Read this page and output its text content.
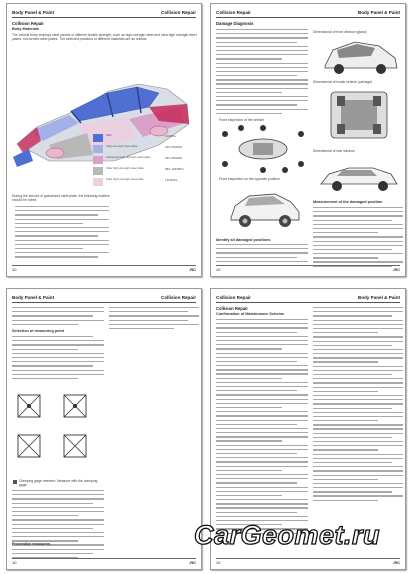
Body Panel & Paint	Collision Repair
Collision Repair
Body Materials
The vehicle body employs steel panels of different tensile strength, such as high-strength steel and ultra-high strength steel plates, hot-formed steel plates. The selected positions of different materials are as follows:
Mild	140MPa
High-strength steel plate	340~590MPa
Advanced high-strength steel plate	590~980MPa
Ultra high-strength steel plate	980~1180MPa
Ultra high-strength steel plate	1300MPa
During the service of galvanized steel plate, the following matters should be noted:
10	-RC
Collision Repair	Body Panel & Paint
Damage Diagnosis
Front inspection of the vehicle
Front inspection on the opposite position
Identify all damaged positions
Dimensional of front window (glass)
Dimensional of inside vehicle (carriage)
Dimensional of rear window
Measurement of the damaged position
10	-RC
Body Panel & Paint	Collision Repair
Selection of measuring point
Clamping gage member; Measure with the clamping gage.
Preventive measures
10	-RC
Collision Repair	Body Panel & Paint
Collision Repair
Confirmation of Maintenance Scheme
10	-RC
CarGeomet.ru
